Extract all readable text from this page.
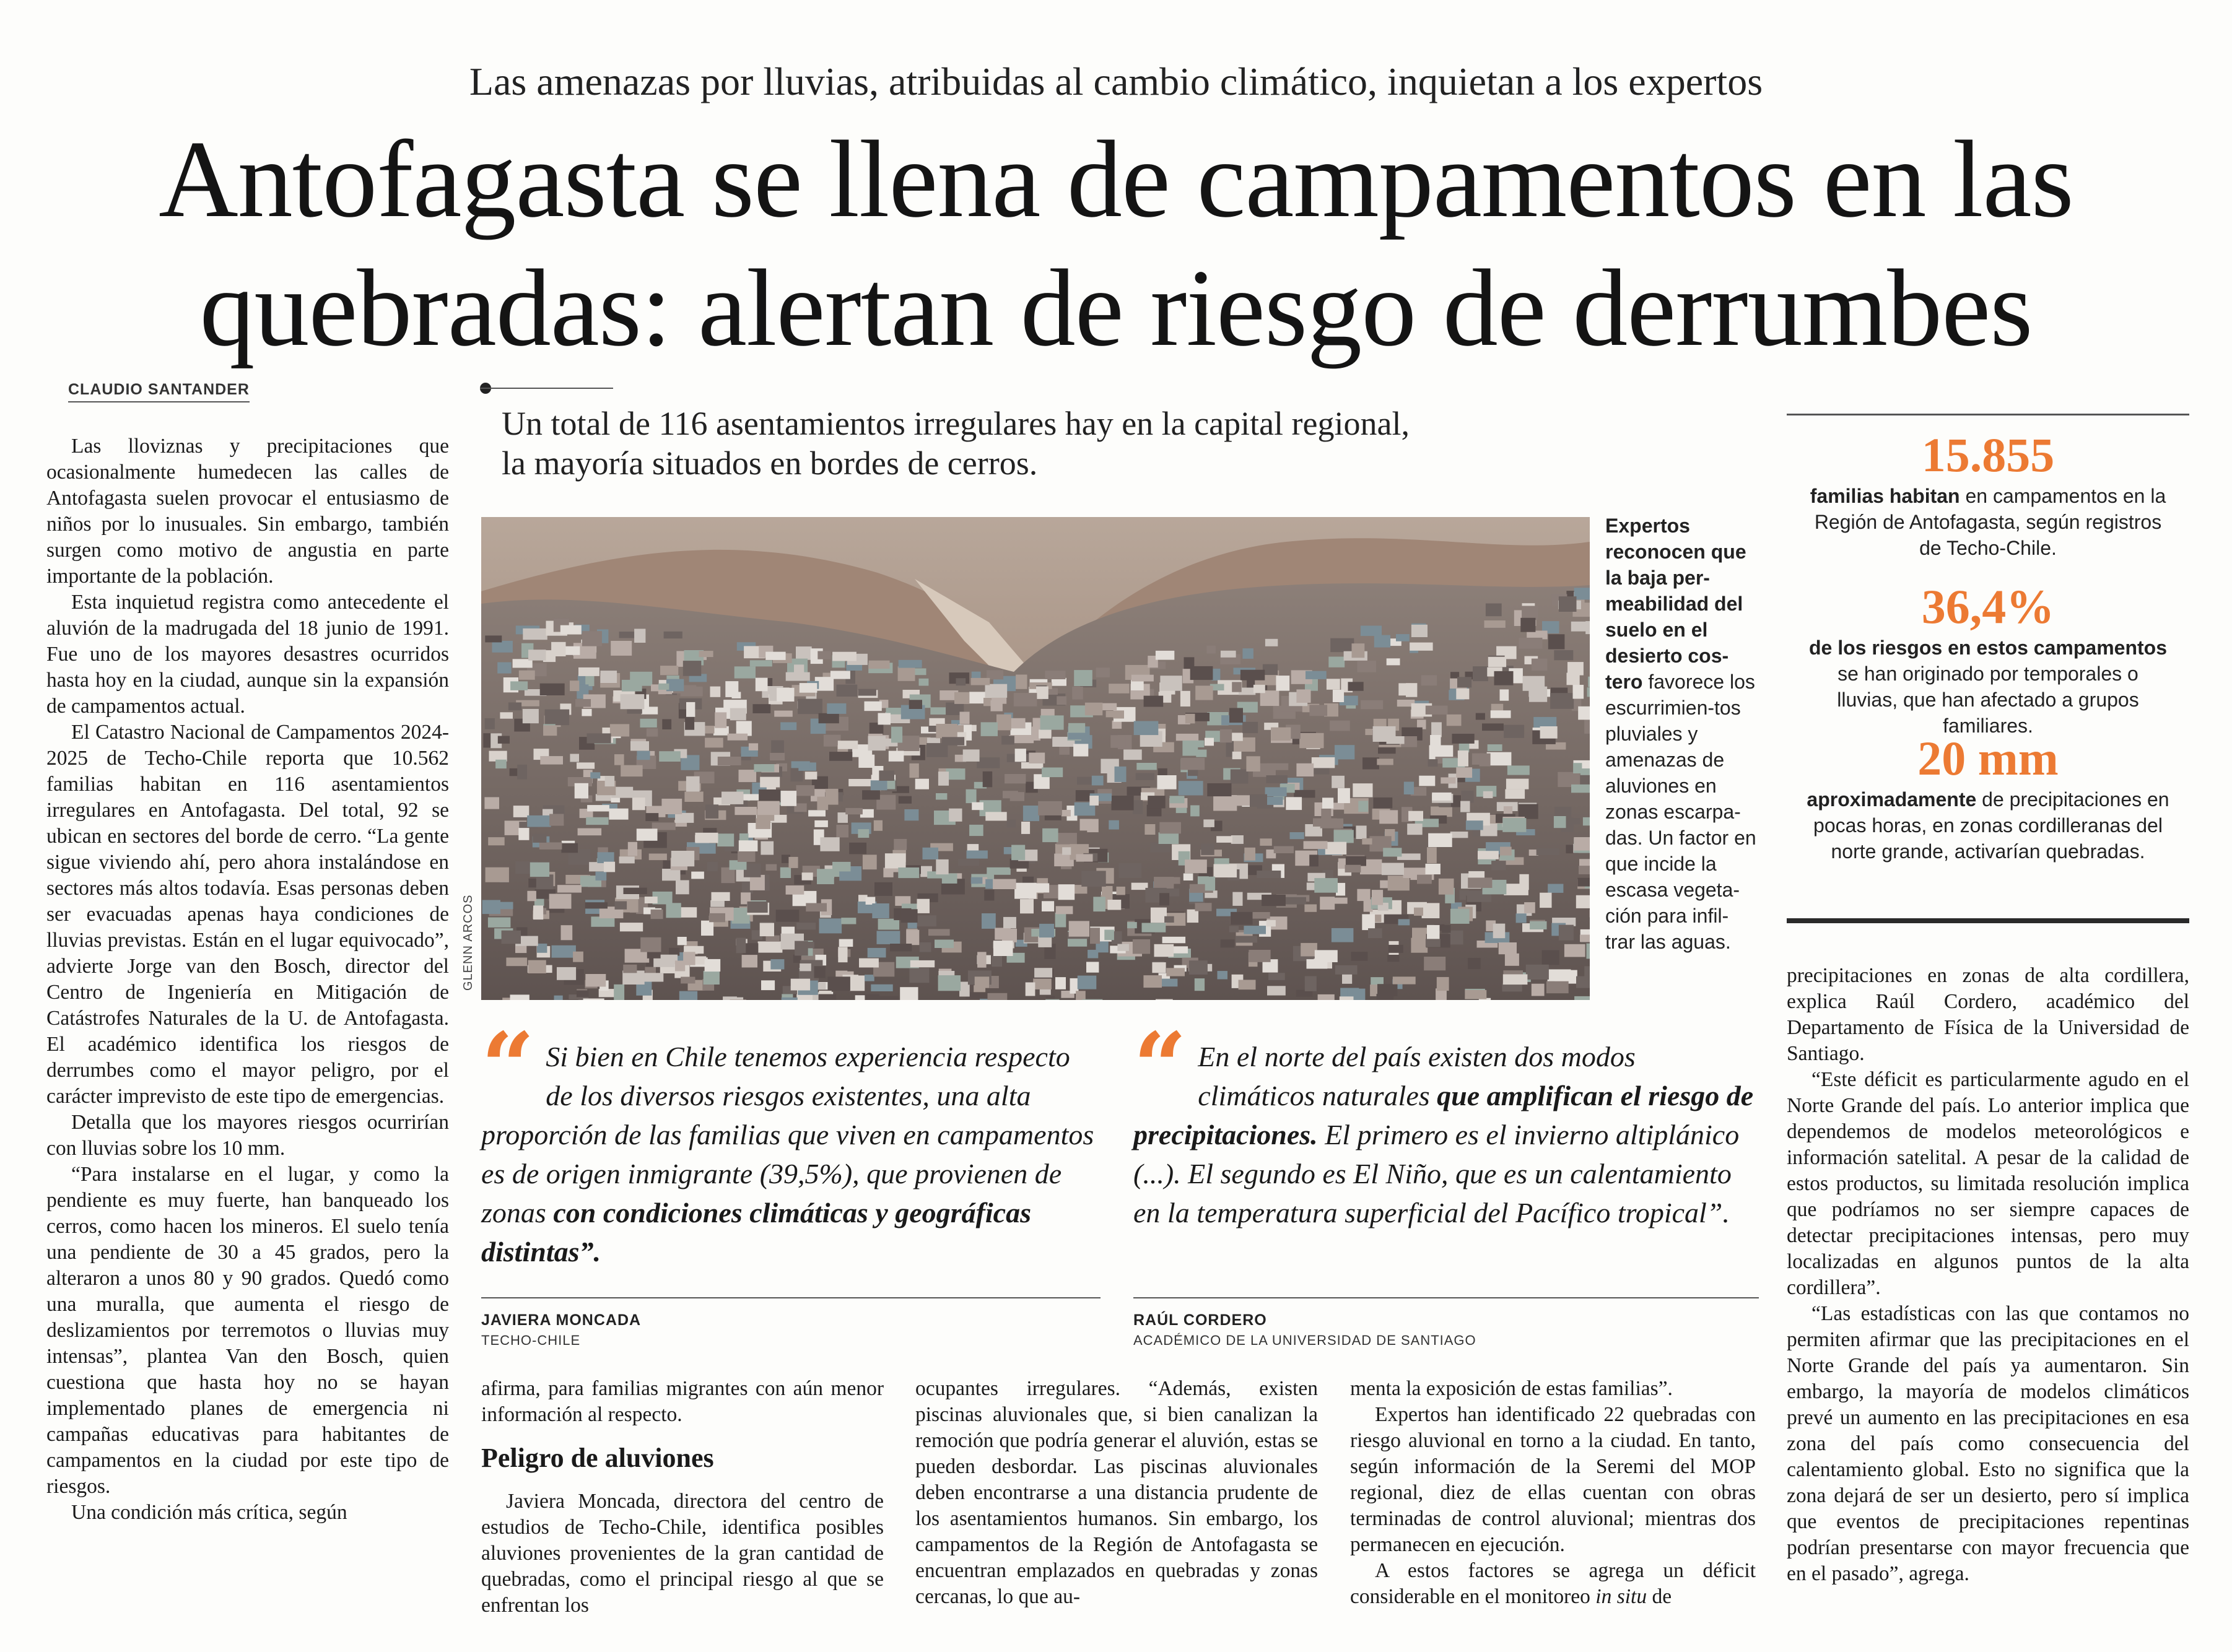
Las amenazas por lluvias, atribuidas al cambio climático, inquietan a los expertos
Antofagasta se llena de campamentos en las
quebradas: alertan de riesgo de derrumbes
CLAUDIO SANTANDER

Las lloviznas y precipitaciones que ocasionalmente humedecen las calles de Antofagasta suelen provocar el entusiasmo de niños por lo inusuales. Sin embargo, también surgen como motivo de angustia en parte importante de la población.

Esta inquietud registra como antecedente el aluvión de la madrugada del 18 junio de 1991. Fue uno de los mayores desastres ocurridos hasta hoy en la ciudad, aunque sin la expansión de campamentos actual.

El Catastro Nacional de Campamentos 2024-2025 de Techo-Chile reporta que 10.562 familias habitan en 116 asentamientos irregulares en Antofagasta. Del total, 92 se ubican en sectores del borde de cerro. “La gente sigue viviendo ahí, pero ahora instalándose en sectores más altos todavía. Esas personas deben ser evacuadas apenas haya condiciones de lluvias previstas. Están en el lugar equivocado”, advierte Jorge van den Bosch, director del Centro de Ingeniería en Mitigación de Catástrofes Naturales de la U. de Antofagasta. El académico identifica los riesgos de derrumbes como el mayor peligro, por el carácter imprevisto de este tipo de emergencias.

Detalla que los mayores riesgos ocurrirían con lluvias sobre los 10 mm.

“Para instalarse en el lugar, y como la pendiente es muy fuerte, han banqueado los cerros, como hacen los mineros. El suelo tenía una pendiente de 30 a 45 grados, pero la alteraron a unos 80 y 90 grados. Quedó como una muralla, que aumenta el riesgo de deslizamientos por terremotos o lluvias muy intensas”, plantea Van den Bosch, quien cuestiona que hasta hoy no se hayan implementado planes de emergencia ni campañas educativas para habitantes de campamentos en la ciudad por este tipo de riesgos.

Una condición más crítica, según

Un total de 116 asentamientos irregulares hay en la capital regional,
la mayoría situados en bordes de cerros.
GLENN ARCOS
Expertos reconocen que la baja per-meabilidad del suelo en el desierto cos-tero favorece los escurrimien-tos pluviales y amenazas de aluviones en zonas escarpa-das. Un factor en que incide la escasa vegeta-ción para infil-trar las aguas.
15.855
familias habitan en campamentos en la Región de Antofagasta, según registros de Techo-Chile.
36,4%
de los riesgos en estos campamentos se han originado por temporales o lluvias, que han afectado a grupos familiares.
20 mm
aproximadamente de precipitaciones en pocas horas, en zonas cordilleranas del norte grande, activarían quebradas.
“ Si bien en Chile tenemos experiencia respecto de los diversos riesgos existentes, una alta proporción de las familias que viven en campamentos es de origen inmigrante (39,5%), que provienen de zonas con condiciones climáticas y geográficas distintas”.
JAVIERA MONCADA
TECHO-CHILE
“ En el norte del país existen dos modos climáticos naturales que amplifican el riesgo de precipitaciones. El primero es el invierno altiplánico (...). El segundo es El Niño, que es un calentamiento en la temperatura superficial del Pacífico tropical”.
RAÚL CORDERO
ACADÉMICO DE LA UNIVERSIDAD DE SANTIAGO

afirma, para familias migrantes con aún menor información al respecto.

Peligro de aluviones

Javiera Moncada, directora del centro de estudios de Techo-Chile, identifica posibles aluviones provenientes de la gran cantidad de quebradas, como el principal riesgo al que se enfrentan los

ocupantes irregulares. “Además, existen piscinas aluvionales que, si bien canalizan la remoción que podría generar el aluvión, estas se pueden desbordar. Las piscinas aluvionales deben encontrarse a una distancia prudente de los asentamientos humanos. Sin embargo, los campamentos de la Región de Antofagasta se encuentran emplazados en quebradas y zonas cercanas, lo que au-

menta la exposición de estas familias”.

Expertos han identificado 22 quebradas con riesgo aluvional en torno a la ciudad. En tanto, según información de la Seremi del MOP regional, diez de ellas cuentan con obras terminadas de control aluvional; mientras dos permanecen en ejecución.

A estos factores se agrega un déficit considerable en el monitoreo in situ de

precipitaciones en zonas de alta cordillera, explica Raúl Cordero, académico del Departamento de Física de la Universidad de Santiago.

“Este déficit es particularmente agudo en el Norte Grande del país. Lo anterior implica que dependemos de modelos meteorológicos e información satelital. A pesar de la calidad de estos productos, su limitada resolución implica que podríamos no ser siempre capaces de detectar precipitaciones intensas, pero muy localizadas en algunos puntos de la alta cordillera”.

“Las estadísticas con las que contamos no permiten afirmar que las precipitaciones en el Norte Grande del país ya aumentaron. Sin embargo, la mayoría de modelos climáticos prevé un aumento en las precipitaciones en esa zona del país como consecuencia del calentamiento global. Esto no significa que la zona dejará de ser un desierto, pero sí implica que eventos de precipitaciones repentinas podrían presentarse con mayor frecuencia que en el pasado”, agrega.
